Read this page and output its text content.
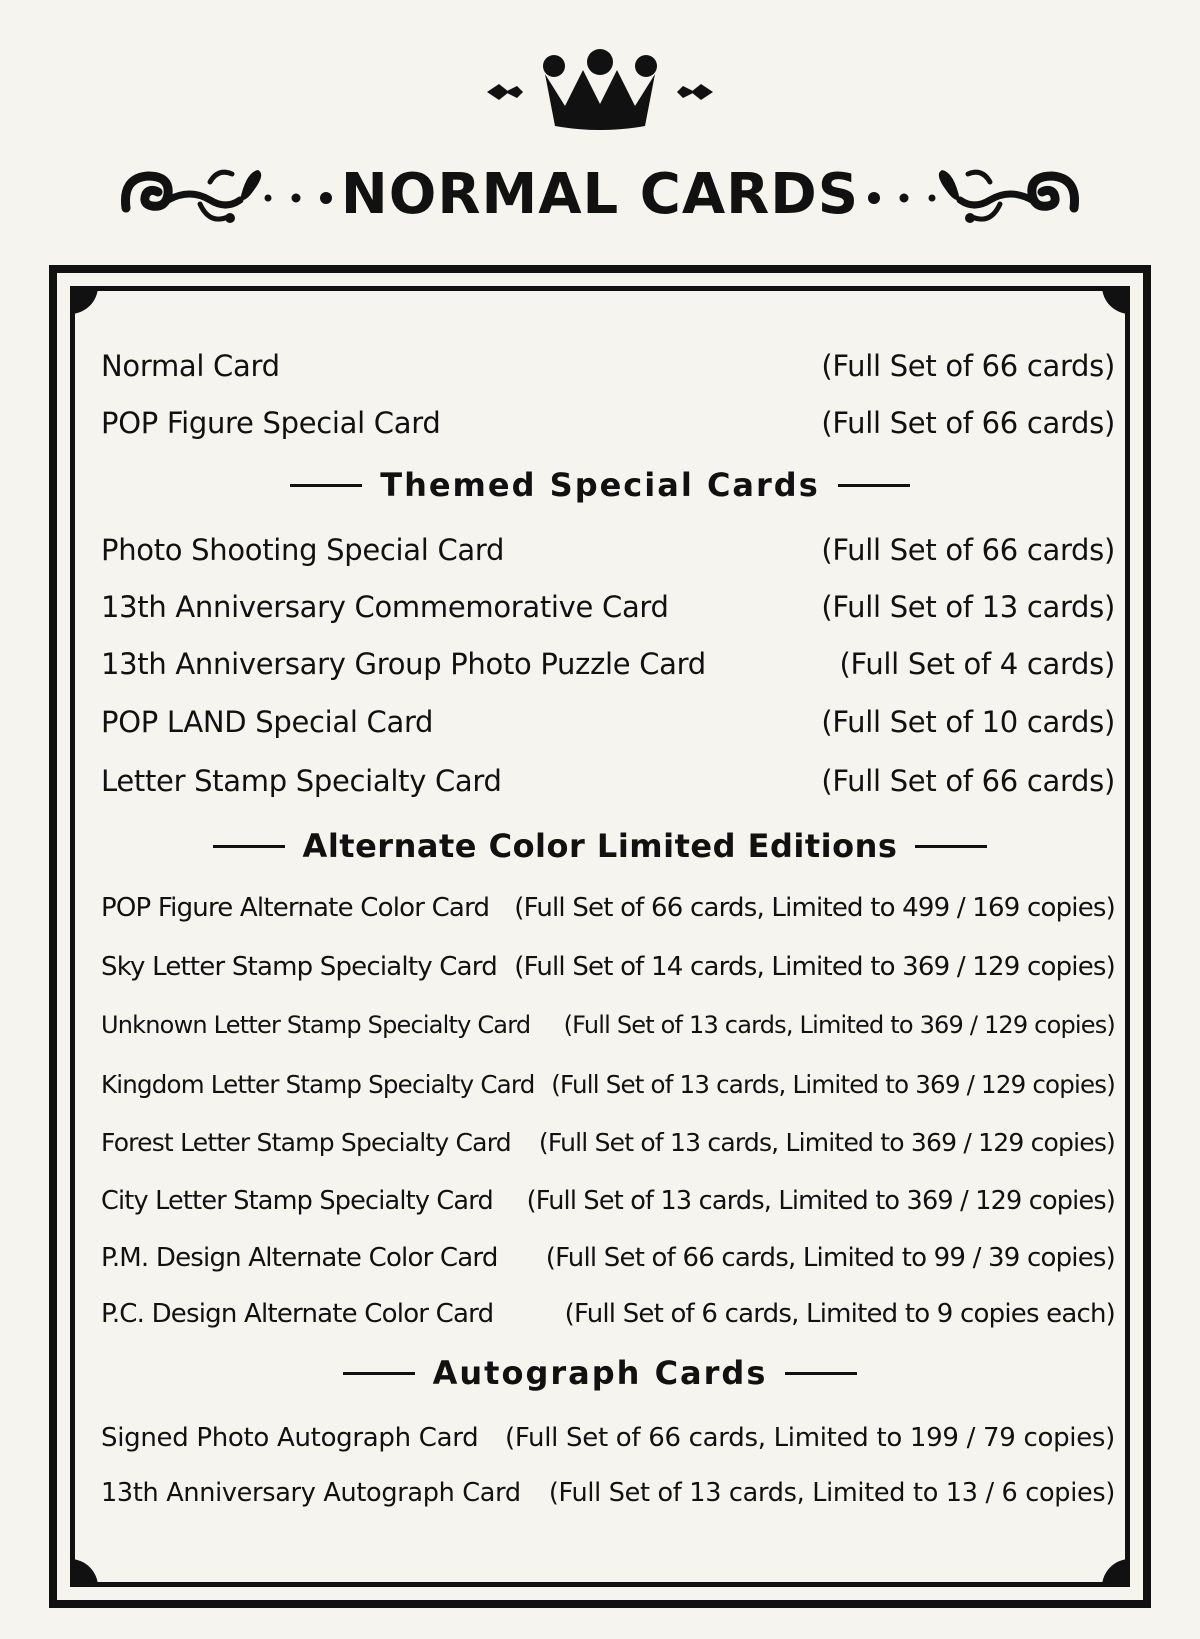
NORMAL CARDS
Normal Card	(Full Set of 66 cards)
POP Figure Special Card	(Full Set of 66 cards)
Themed Special Cards
Photo Shooting Special Card	(Full Set of 66 cards)
13th Anniversary Commemorative Card	(Full Set of 13 cards)
13th Anniversary Group Photo Puzzle Card	(Full Set of 4 cards)
POP LAND Special Card	(Full Set of 10 cards)
Letter Stamp Specialty Card	(Full Set of 66 cards)
Alternate Color Limited Editions
POP Figure Alternate Color Card (Full Set of 66 cards, Limited to 499 / 169 copies)
Sky Letter Stamp Specialty Card (Full Set of 14 cards, Limited to 369 / 129 copies)
Unknown Letter Stamp Specialty Card (Full Set of 13 cards, Limited to 369 / 129 copies)
Kingdom Letter Stamp Specialty Card (Full Set of 13 cards, Limited to 369 / 129 copies)
Forest Letter Stamp Specialty Card (Full Set of 13 cards, Limited to 369 / 129 copies)
City Letter Stamp Specialty Card (Full Set of 13 cards, Limited to 369 / 129 copies)
P.M. Design Alternate Color Card (Full Set of 66 cards, Limited to 99 / 39 copies)
P.C. Design Alternate Color Card	(Full Set of 6 cards, Limited to 9 copies each)
Autograph Cards
Signed Photo Autograph Card (Full Set of 66 cards, Limited to 199 / 79 copies)
13th Anniversary Autograph Card (Full Set of 13 cards, Limited to 13 / 6 copies)
